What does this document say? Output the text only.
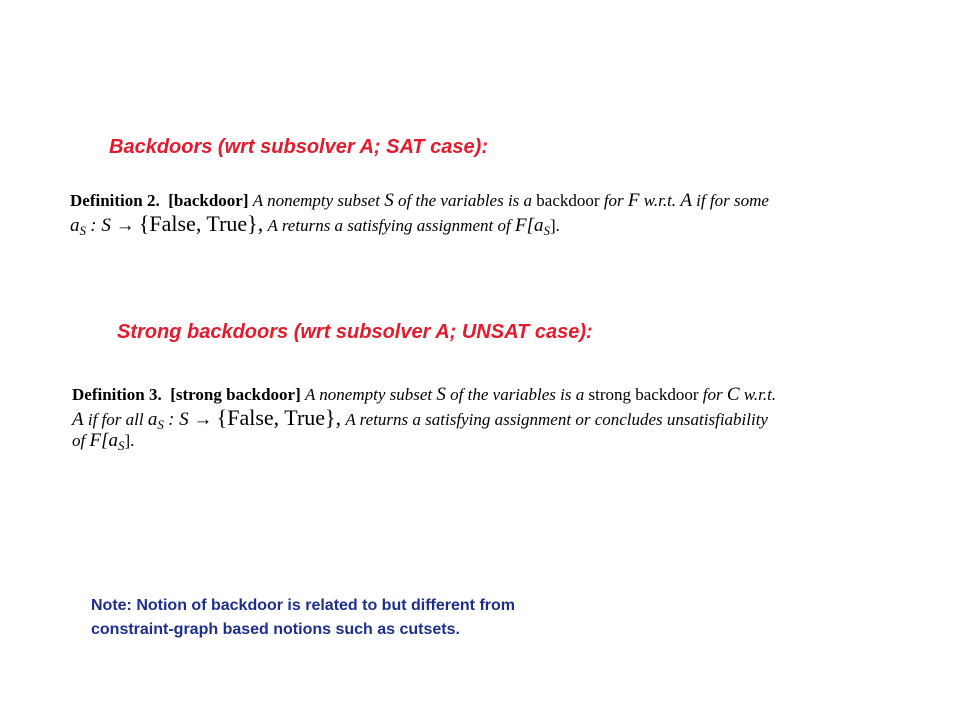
Backdoors (wrt subsolver A; SAT case):
Definition 2. [backdoor] A nonempty subset S of the variables is a backdoor for F w.r.t. A if for some
$a_S$ : S → {False, True}, A returns a satisfying assignment of $F[a_S]$.
Strong backdoors (wrt subsolver A; UNSAT case):
Definition 3. [strong backdoor] A nonempty subset S of the variables is a strong backdoor for C w.r.t.
A if for all $a_S$ : S → {False, True}, A returns a satisfying assignment or concludes unsatisfiability
of $F[a_S]$.
Note: Notion of backdoor is related to but different from
constraint-graph based notions such as cutsets.
